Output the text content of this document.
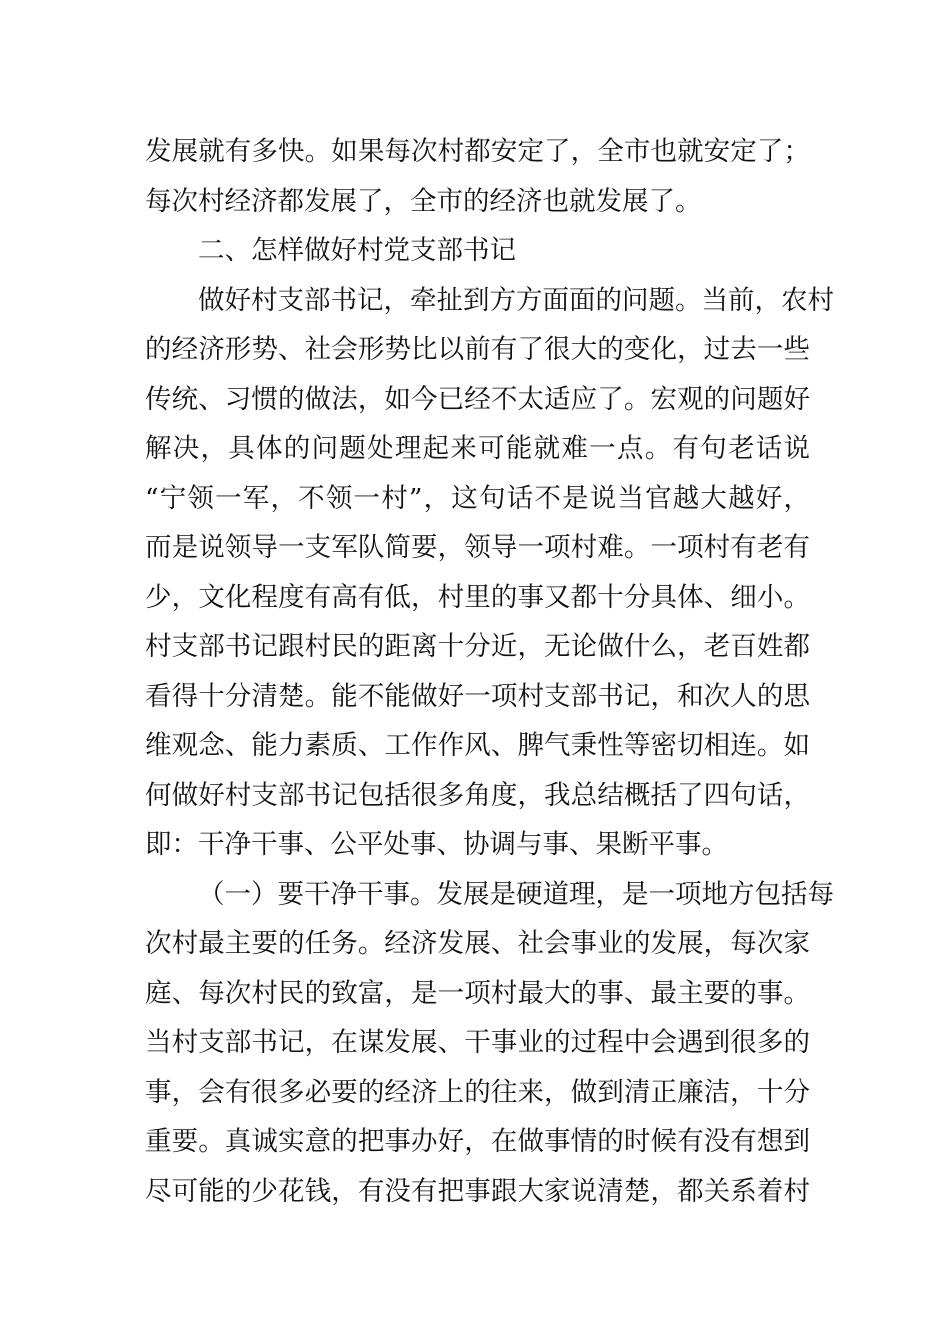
发展就有多快。如果每次村都安定了，全市也就安定了；
每次村经济都发展了，全市的经济也就发展了。
二、怎样做好村党支部书记
做好村支部书记，牵扯到方方面面的问题。当前，农村
的经济形势、社会形势比以前有了很大的变化，过去一些
传统、习惯的做法，如今已经不太适应了。宏观的问题好
解决，具体的问题处理起来可能就难一点。有句老话说
“宁领一军，不领一村”，这句话不是说当官越大越好，
而是说领导一支军队简要，领导一项村难。一项村有老有
少，文化程度有高有低，村里的事又都十分具体、细小。
村支部书记跟村民的距离十分近，无论做什么，老百姓都
看得十分清楚。能不能做好一项村支部书记，和次人的思
维观念、能力素质、工作作风、脾气秉性等密切相连。如
何做好村支部书记包括很多角度，我总结概括了四句话，
即：干净干事、公平处事、协调与事、果断平事。
（一）要干净干事。发展是硬道理，是一项地方包括每
次村最主要的任务。经济发展、社会事业的发展，每次家
庭、每次村民的致富，是一项村最大的事、最主要的事。
当村支部书记，在谋发展、干事业的过程中会遇到很多的
事，会有很多必要的经济上的往来，做到清正廉洁，十分
重要。真诚实意的把事办好，在做事情的时候有没有想到
尽可能的少花钱，有没有把事跟大家说清楚，都关系着村
